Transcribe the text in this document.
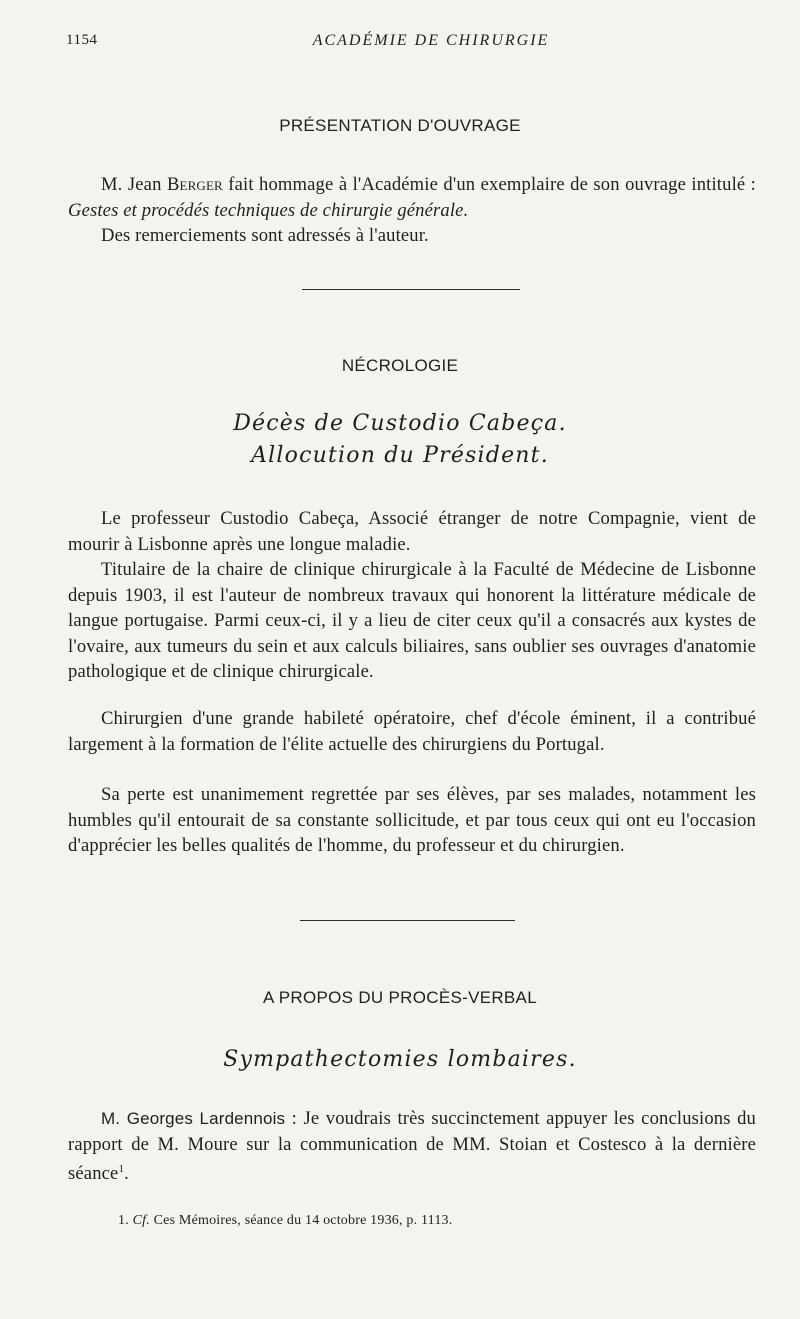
1154	ACADÉMIE DE CHIRURGIE
PRÉSENTATION D'OUVRAGE

M. Jean Berger fait hommage à l'Académie d'un exemplaire de son ouvrage intitulé : Gestes et procédés techniques de chirurgie générale.

Des remerciements sont adressés à l'auteur.

NÉCROLOGIE
Décès de Custodio Cabeça.
Allocution du Président.

Le professeur Custodio Cabeça, Associé étranger de notre Compagnie, vient de mourir à Lisbonne après une longue maladie.

Titulaire de la chaire de clinique chirurgicale à la Faculté de Médecine de Lisbonne depuis 1903, il est l'auteur de nombreux travaux qui honorent la littérature médicale de langue portugaise. Parmi ceux-ci, il y a lieu de citer ceux qu'il a consacrés aux kystes de l'ovaire, aux tumeurs du sein et aux calculs biliaires, sans oublier ses ouvrages d'anatomie pathologique et de clinique chirurgicale.

Chirurgien d'une grande habileté opératoire, chef d'école éminent, il a contribué largement à la formation de l'élite actuelle des chirurgiens du Portugal.

Sa perte est unanimement regrettée par ses élèves, par ses malades, notamment les humbles qu'il entourait de sa constante sollicitude, et par tous ceux qui ont eu l'occasion d'apprécier les belles qualités de l'homme, du professeur et du chirurgien.

A PROPOS DU PROCÈS-VERBAL
Sympathectomies lombaires.

M. Georges Lardennois : Je voudrais très succinctement appuyer les conclusions du rapport de M. Moure sur la communication de MM. Stoian et Costesco à la dernière séance$^1$.

1. Cf. Ces Mémoires, séance du 14 octobre 1936, p. 1113.
